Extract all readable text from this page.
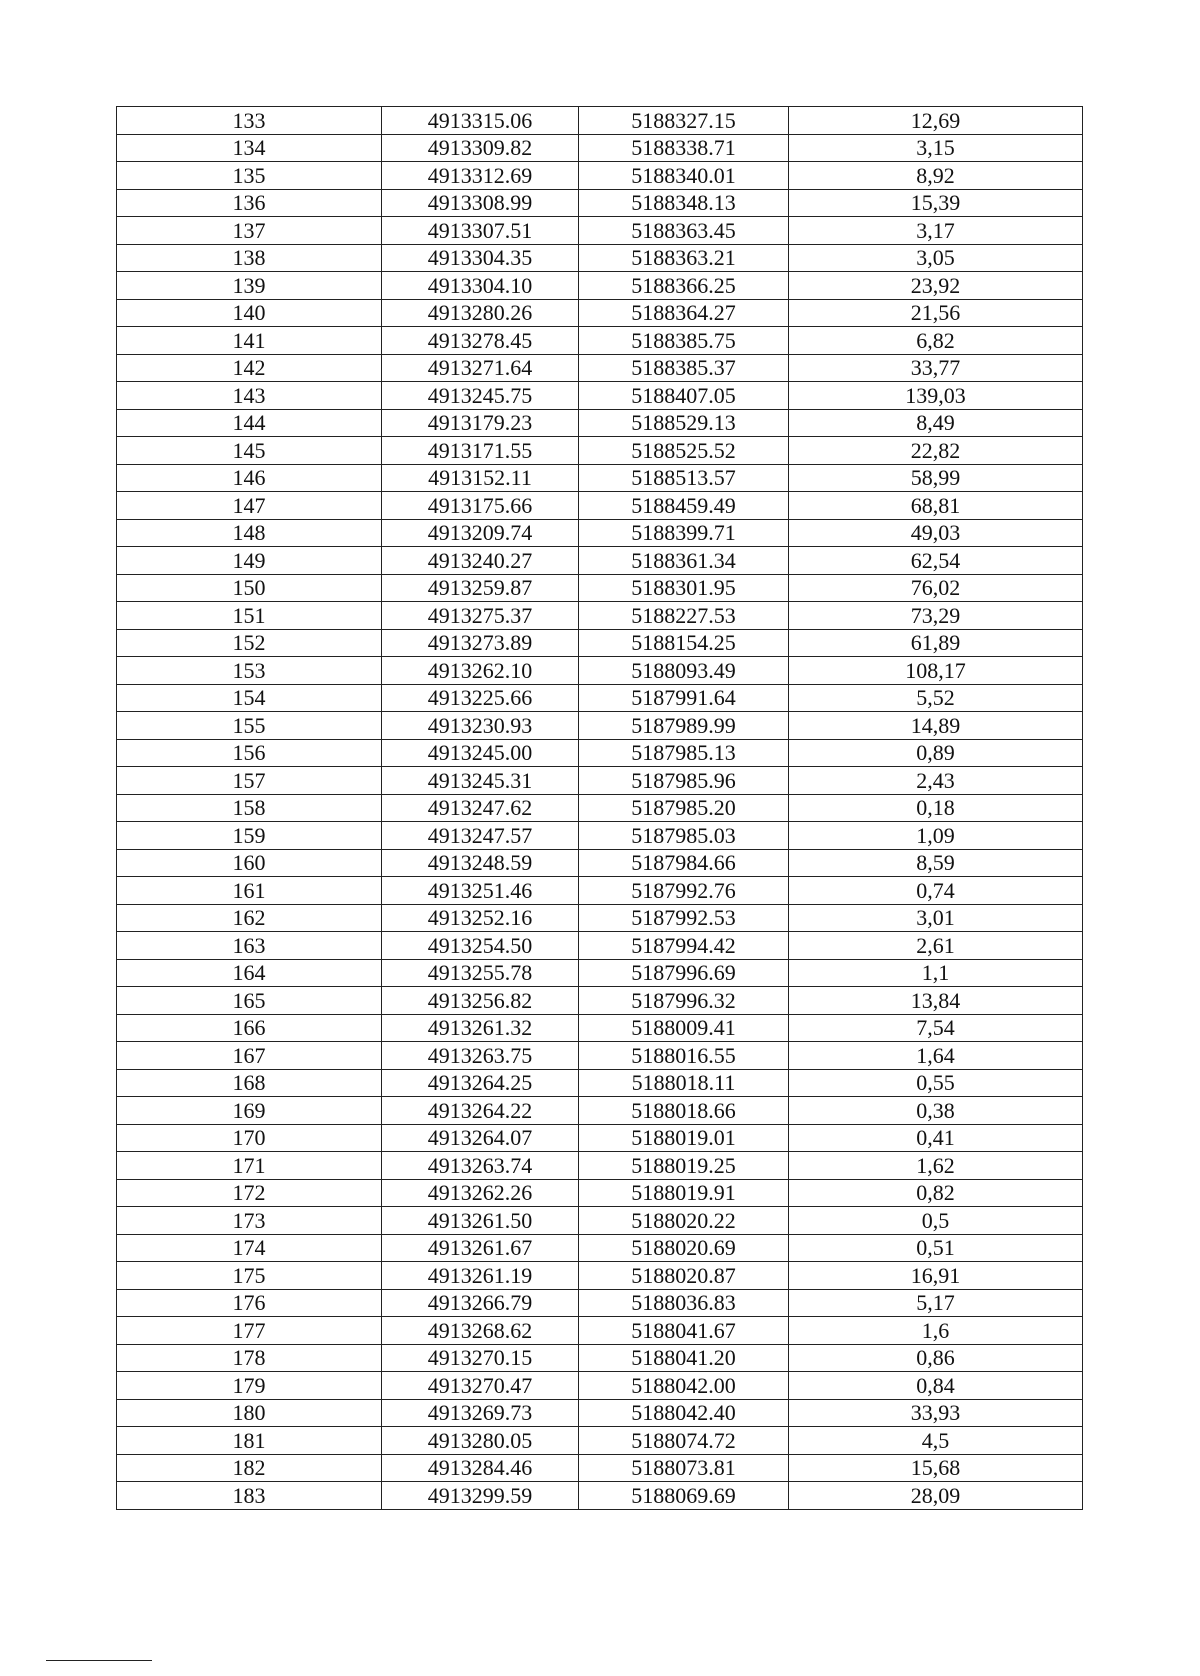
133	4913315.06	5188327.15	12,69
134	4913309.82	5188338.71	3,15
135	4913312.69	5188340.01	8,92
136	4913308.99	5188348.13	15,39
137	4913307.51	5188363.45	3,17
138	4913304.35	5188363.21	3,05
139	4913304.10	5188366.25	23,92
140	4913280.26	5188364.27	21,56
141	4913278.45	5188385.75	6,82
142	4913271.64	5188385.37	33,77
143	4913245.75	5188407.05	139,03
144	4913179.23	5188529.13	8,49
145	4913171.55	5188525.52	22,82
146	4913152.11	5188513.57	58,99
147	4913175.66	5188459.49	68,81
148	4913209.74	5188399.71	49,03
149	4913240.27	5188361.34	62,54
150	4913259.87	5188301.95	76,02
151	4913275.37	5188227.53	73,29
152	4913273.89	5188154.25	61,89
153	4913262.10	5188093.49	108,17
154	4913225.66	5187991.64	5,52
155	4913230.93	5187989.99	14,89
156	4913245.00	5187985.13	0,89
157	4913245.31	5187985.96	2,43
158	4913247.62	5187985.20	0,18
159	4913247.57	5187985.03	1,09
160	4913248.59	5187984.66	8,59
161	4913251.46	5187992.76	0,74
162	4913252.16	5187992.53	3,01
163	4913254.50	5187994.42	2,61
164	4913255.78	5187996.69	1,1
165	4913256.82	5187996.32	13,84
166	4913261.32	5188009.41	7,54
167	4913263.75	5188016.55	1,64
168	4913264.25	5188018.11	0,55
169	4913264.22	5188018.66	0,38
170	4913264.07	5188019.01	0,41
171	4913263.74	5188019.25	1,62
172	4913262.26	5188019.91	0,82
173	4913261.50	5188020.22	0,5
174	4913261.67	5188020.69	0,51
175	4913261.19	5188020.87	16,91
176	4913266.79	5188036.83	5,17
177	4913268.62	5188041.67	1,6
178	4913270.15	5188041.20	0,86
179	4913270.47	5188042.00	0,84
180	4913269.73	5188042.40	33,93
181	4913280.05	5188074.72	4,5
182	4913284.46	5188073.81	15,68
183	4913299.59	5188069.69	28,09
